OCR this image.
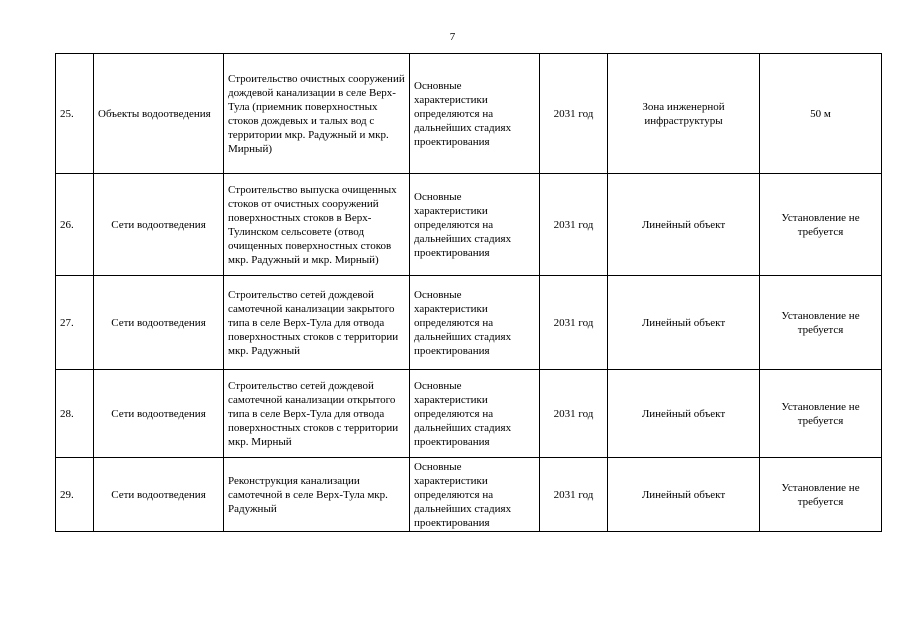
7
25.	Объекты водоотведения	Строительство очистных сооружений дождевой канализации в селе Верх-Тула (приемник поверхностных стоков дождевых и талых вод с территории мкр. Радужный и мкр. Мирный)	Основные характеристики определяются на дальнейших стадиях проектирования	2031 год	Зона инженерной инфраструктуры	50 м
26.	Сети водоотведения	Строительство выпуска очищенных стоков от очистных сооружений поверхностных стоков в Верх-Тулинском сельсовете (отвод очищенных поверхностных стоков мкр. Радужный и мкр. Мирный)	Основные характеристики определяются на дальнейших стадиях проектирования	2031 год	Линейный объект	Установление не требуется
27.	Сети водоотведения	Строительство сетей дождевой самотечной канализации закрытого типа в селе Верх-Тула для отвода поверхностных стоков с территории мкр. Радужный	Основные характеристики определяются на дальнейших стадиях проектирования	2031 год	Линейный объект	Установление не требуется
28.	Сети водоотведения	Строительство сетей дождевой самотечной канализации открытого типа в селе Верх-Тула для отвода поверхностных стоков с территории мкр. Мирный	Основные характеристики определяются на дальнейших стадиях проектирования	2031 год	Линейный объект	Установление не требуется
29.	Сети водоотведения	Реконструкция канализации самотечной в селе Верх-Тула мкр. Радужный	Основные характеристики определяются на дальнейших стадиях проектирования	2031 год	Линейный объект	Установление не требуется
